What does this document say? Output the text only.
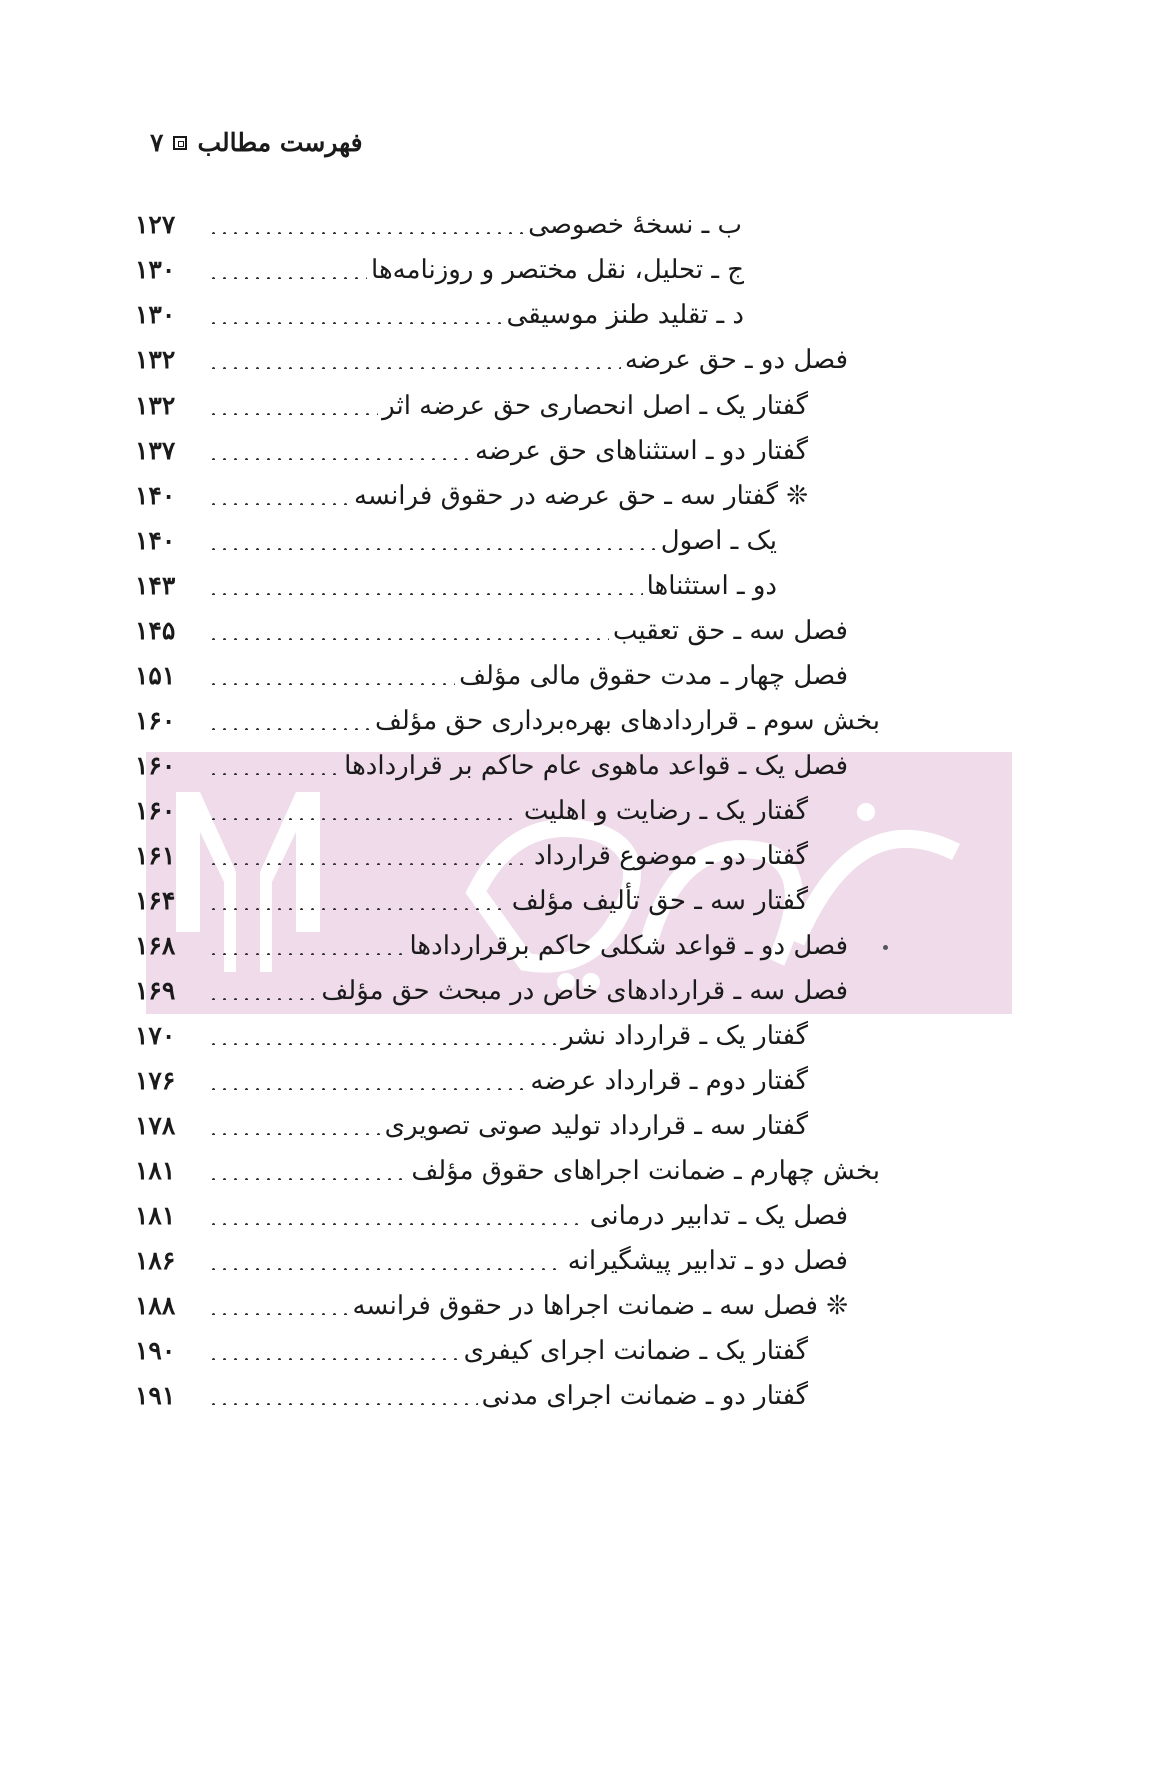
فهرست مطالب
۷
ب ـ نسخهٔ خصوصی
۱۲۷
ج ـ تحلیل، نقل مختصر و روزنامه‌ها
۱۳۰
د ـ تقلید طنز موسیقی
۱۳۰
فصل دو ـ حق عرضه
۱۳۲
گفتار یک ـ اصل انحصاری حق عرضه اثر
۱۳۲
گفتار دو ـ استثناهای حق عرضه
۱۳۷
❊ گفتار سه ـ حق عرضه در حقوق فرانسه
۱۴۰
یک ـ اصول
۱۴۰
دو ـ استثناها
۱۴۳
فصل سه ـ حق تعقیب
۱۴۵
فصل چهار ـ مدت حقوق مالی مؤلف
۱۵۱
بخش سوم ـ قراردادهای بهره‌برداری حق مؤلف
۱۶۰
فصل یک ـ قواعد ماهوی عام حاکم بر قراردادها
۱۶۰
گفتار یک ـ رضایت و اهلیت
۱۶۰
گفتار دو ـ موضوع قرارداد
۱۶۱
گفتار سه ـ حق تألیف مؤلف
۱۶۴
فصل دو ـ قواعد شکلی حاکم برقراردادها
۱۶۸
فصل سه ـ قراردادهای خاص در مبحث حق مؤلف
۱۶۹
گفتار یک ـ قرارداد نشر
۱۷۰
گفتار دوم ـ قرارداد عرضه
۱۷۶
گفتار سه ـ قرارداد تولید صوتی تصویری
۱۷۸
بخش چهارم ـ ضمانت اجراهای حقوق مؤلف
۱۸۱
فصل یک ـ تدابیر درمانی
۱۸۱
فصل دو ـ تدابیر پیشگیرانه
۱۸۶
❊ فصل سه ـ ضمانت اجراها در حقوق فرانسه
۱۸۸
گفتار یک ـ ضمانت اجرای کیفری
۱۹۰
گفتار دو ـ ضمانت اجرای مدنی
۱۹۱
